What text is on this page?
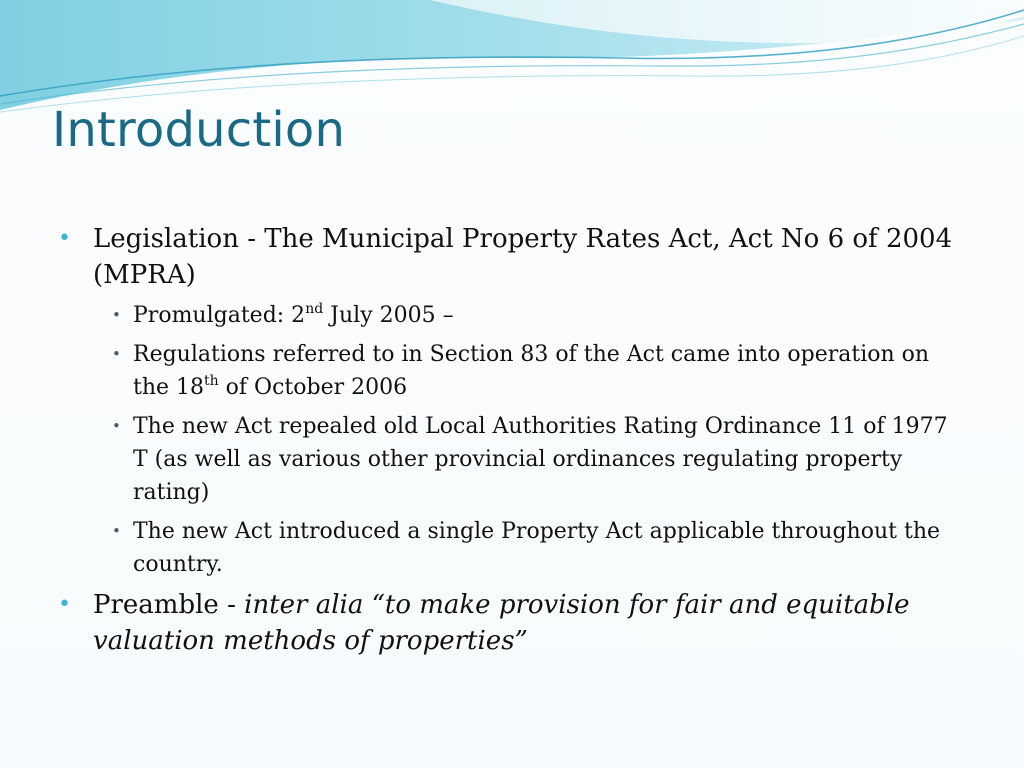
Introduction
• Legislation - The Municipal Property Rates Act, Act No 6 of 2004 (MPRA)
• Promulgated: 2nd July 2005 –
• Regulations referred to in Section 83 of the Act came into operation on the 18th of October 2006
• The new Act repealed old Local Authorities Rating Ordinance 11 of 1977 T (as well as various other provincial ordinances regulating property rating)
• The new Act introduced a single Property Act applicable throughout the country.
• Preamble - inter alia “to make provision for fair and equitable valuation methods of properties”
